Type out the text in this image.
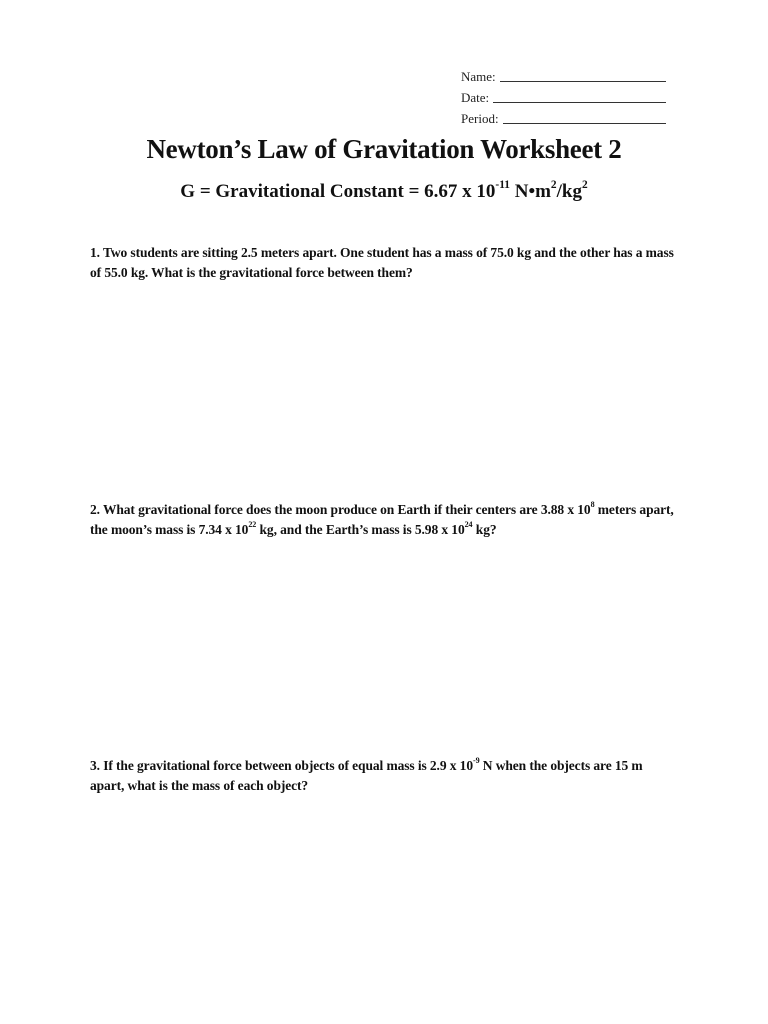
Name:
Date:
Period:
Newton’s Law of Gravitation Worksheet 2
G = Gravitational Constant = 6.67 x $10^{-11}$ $N•m^2/kg^2$
1. Two students are sitting 2.5 meters apart. One student has a mass of 75.0 kg and the other has a mass of 55.0 kg. What is the gravitational force between them?
2. What gravitational force does the moon produce on Earth if their centers are 3.88 x $10^8$ meters apart, the moon’s mass is 7.34 x $10^{22}$ kg, and the Earth’s mass is 5.98 x $10^{24}$ kg?
3. If the gravitational force between objects of equal mass is 2.9 x $10^{-9}$ N when the objects are 15 m apart, what is the mass of each object?
